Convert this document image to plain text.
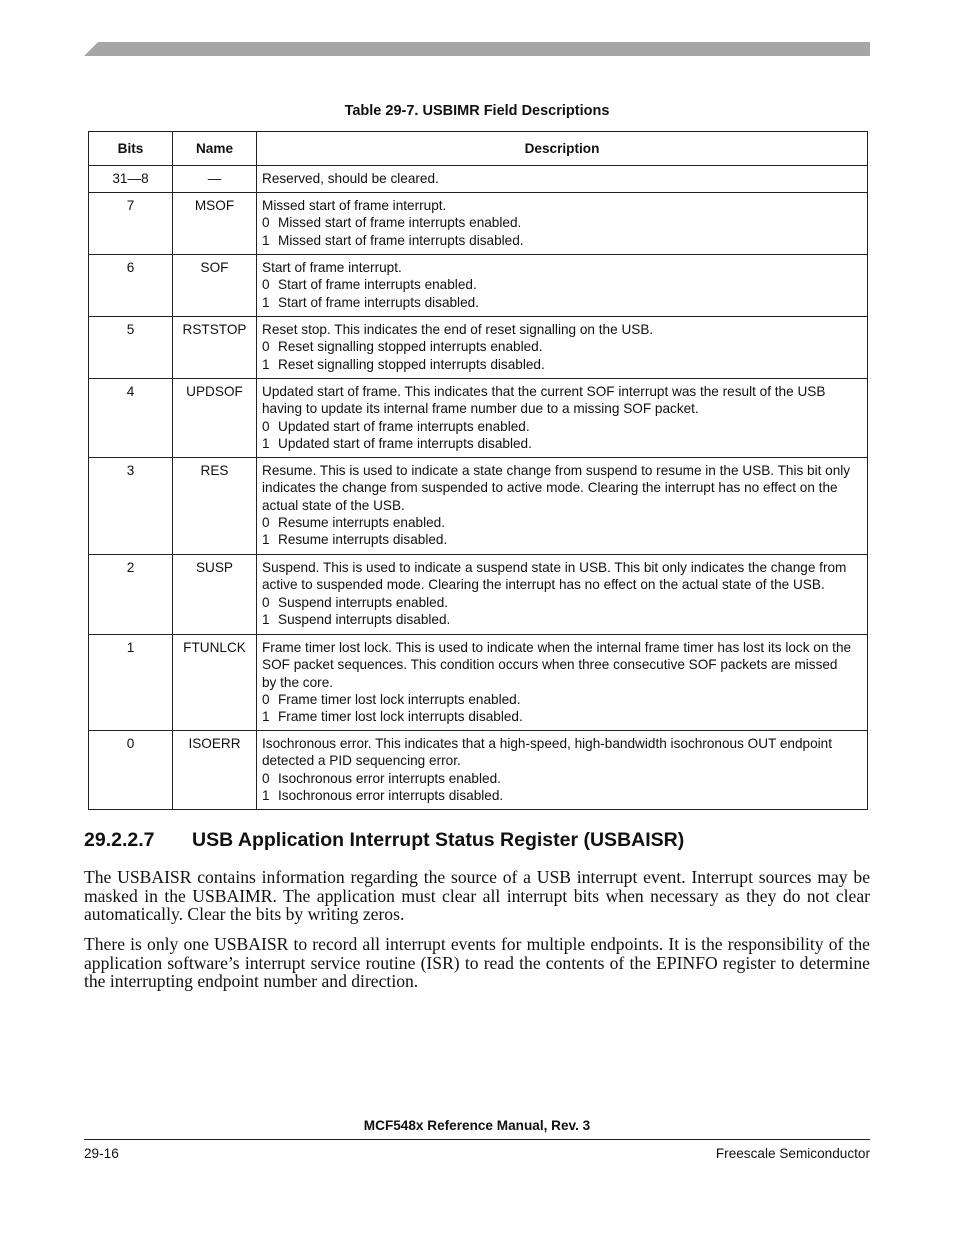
Table 29-7. USBIMR Field Descriptions
Bits	Name	Description
31—8	—	Reserved, should be cleared.

7	MSOF	Missed start of frame interrupt.
0 Missed start of frame interrupts enabled.
1 Missed start of frame interrupts disabled.

6	SOF	Start of frame interrupt.
0 Start of frame interrupts enabled.
1 Start of frame interrupts disabled.

5	RSTSTOP	Reset stop. This indicates the end of reset signalling on the USB.
0 Reset signalling stopped interrupts enabled.
1 Reset signalling stopped interrupts disabled.

4	UPDSOF	Updated start of frame. This indicates that the current SOF interrupt was the result of the USB
having to update its internal frame number due to a missing SOF packet.
0 Updated start of frame interrupts enabled.
1 Updated start of frame interrupts disabled.

3	RES	Resume. This is used to indicate a state change from suspend to resume in the USB. This bit only
indicates the change from suspended to active mode. Clearing the interrupt has no effect on the
actual state of the USB.
0 Resume interrupts enabled.
1 Resume interrupts disabled.

2	SUSP	Suspend. This is used to indicate a suspend state in USB. This bit only indicates the change from
active to suspended mode. Clearing the interrupt has no effect on the actual state of the USB.
0 Suspend interrupts enabled.
1 Suspend interrupts disabled.

1	FTUNLCK	Frame timer lost lock. This is used to indicate when the internal frame timer has lost its lock on the
SOF packet sequences. This condition occurs when three consecutive SOF packets are missed
by the core.
0 Frame timer lost lock interrupts enabled.
1 Frame timer lost lock interrupts disabled.

0	ISOERR	Isochronous error. This indicates that a high-speed, high-bandwidth isochronous OUT endpoint
detected a PID sequencing error.
0 Isochronous error interrupts enabled.
1 Isochronous error interrupts disabled.
29.2.2.7 USB Application Interrupt Status Register (USBAISR)
The USBAISR contains information regarding the source of a USB interrupt event. Interrupt sources may be masked in the USBAIMR. The application must clear all interrupt bits when necessary as they do not clear automatically. Clear the bits by writing zeros.
There is only one USBAISR to record all interrupt events for multiple endpoints. It is the responsibility of the application software’s interrupt service routine (ISR) to read the contents of the EPINFO register to determine the interrupting endpoint number and direction.
MCF548x Reference Manual, Rev. 3
29-16	Freescale Semiconductor
